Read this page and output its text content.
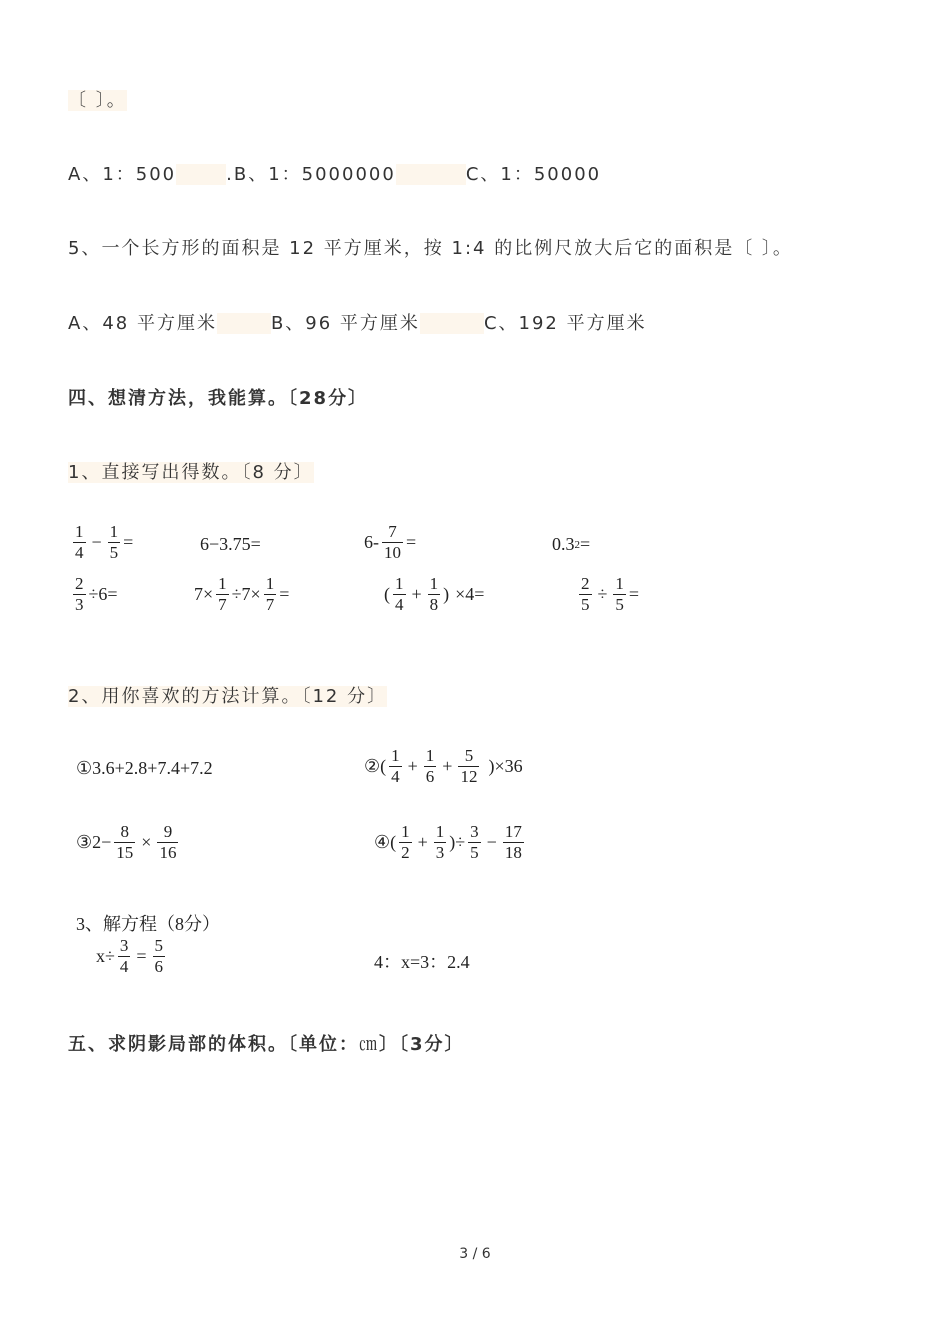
〔 〕。
A、1：500	.B、1：5000000	C、1：50000
5、一个长方形的面积是 12 平方厘米，按 1:4 的比例尺放大后它的面积是〔 〕。
A、48 平方厘米	B、96 平方厘米	C、192 平方厘米
四、想清方法，我能算。〔28分〕
1、直接写出得数。〔8 分〕
$\frac{1}{4} - \frac{1}{5}$ =	6−3.75=	$6- \frac{7}{10}$ =	0.3 2 =
$\frac{2}{3} \div 6=$	$7\times \frac{1}{7} \div 7\times \frac{1}{7}$ =	( $\frac{1}{4} + \frac{1}{8}$ ) ×4=	$\frac{2}{5} \div \frac{1}{5}$ =
2、用你喜欢的方法计算。〔12 分〕
①3.6+2.8+7.4+7.2	②( $\frac{1}{4} + \frac{1}{6} + \frac{5}{12} )\times 36$
③2− $\frac{8}{15} \times \frac{9}{16}$	④( $\frac{1}{2} + \frac{1}{3}$ )÷ $\frac{3}{5} - \frac{17}{18}$
3、解方程（8分）
$x\div \frac{3}{4} = \frac{5}{6}$	4：x=3：2.4
五、求阴影局部的体积。〔单位：㎝〕〔3分〕
3 / 6
